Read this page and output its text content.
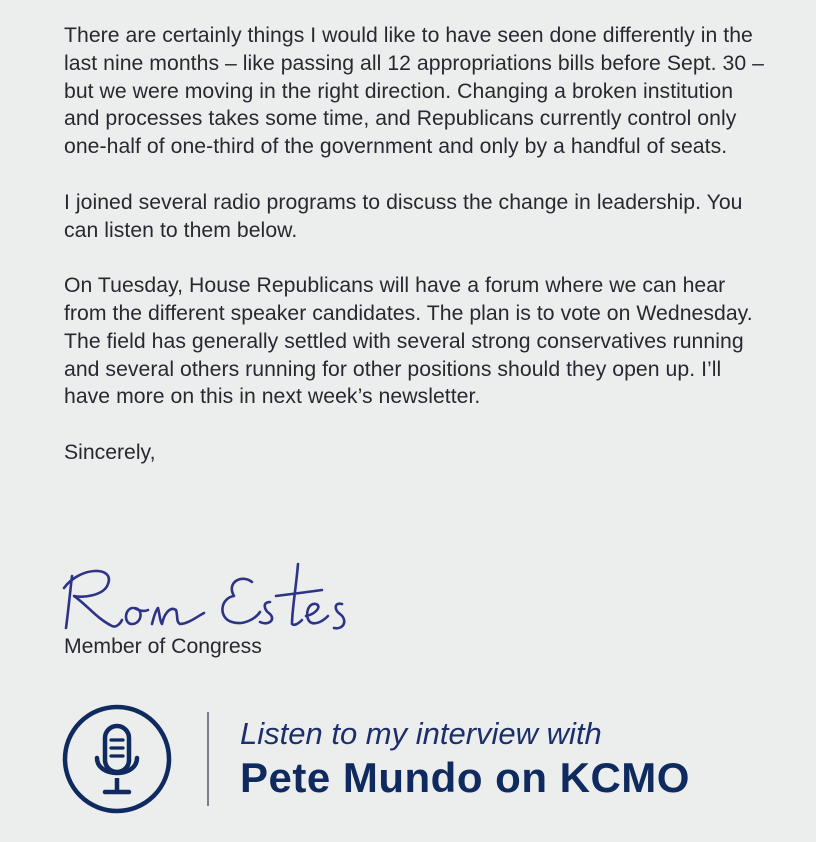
There are certainly things I would like to have seen done differently in the last nine months – like passing all 12 appropriations bills before Sept. 30 – but we were moving in the right direction. Changing a broken institution and processes takes some time, and Republicans currently control only one-half of one-third of the government and only by a handful of seats.

I joined several radio programs to discuss the change in leadership. You can listen to them below.

On Tuesday, House Republicans will have a forum where we can hear from the different speaker candidates. The plan is to vote on Wednesday. The field has generally settled with several strong conservatives running and several others running for other positions should they open up. I’ll have more on this in next week’s newsletter.

Sincerely,

Member of Congress
Listen to my interview with
Pete Mundo on KCMO
